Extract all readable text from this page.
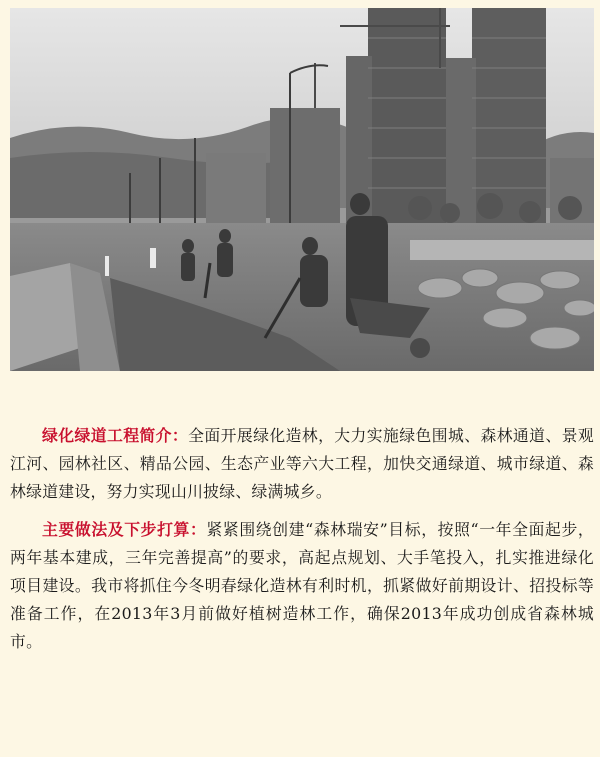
绿化绿道工程简介：全面开展绿化造林，大力实施绿色围城、森林通道、景观江河、园林社区、精品公园、生态产业等六大工程，加快交通绿道、城市绿道、森林绿道建设，努力实现山川披绿、绿满城乡。

主要做法及下步打算：紧紧围绕创建“森林瑞安”目标，按照“一年全面起步，两年基本建成，三年完善提高”的要求，高起点规划、大手笔投入，扎实推进绿化项目建设。我市将抓住今冬明春绿化造林有利时机，抓紧做好前期设计、招投标等准备工作，在2013年3月前做好植树造林工作，确保2013年成功创成省森林城市。
